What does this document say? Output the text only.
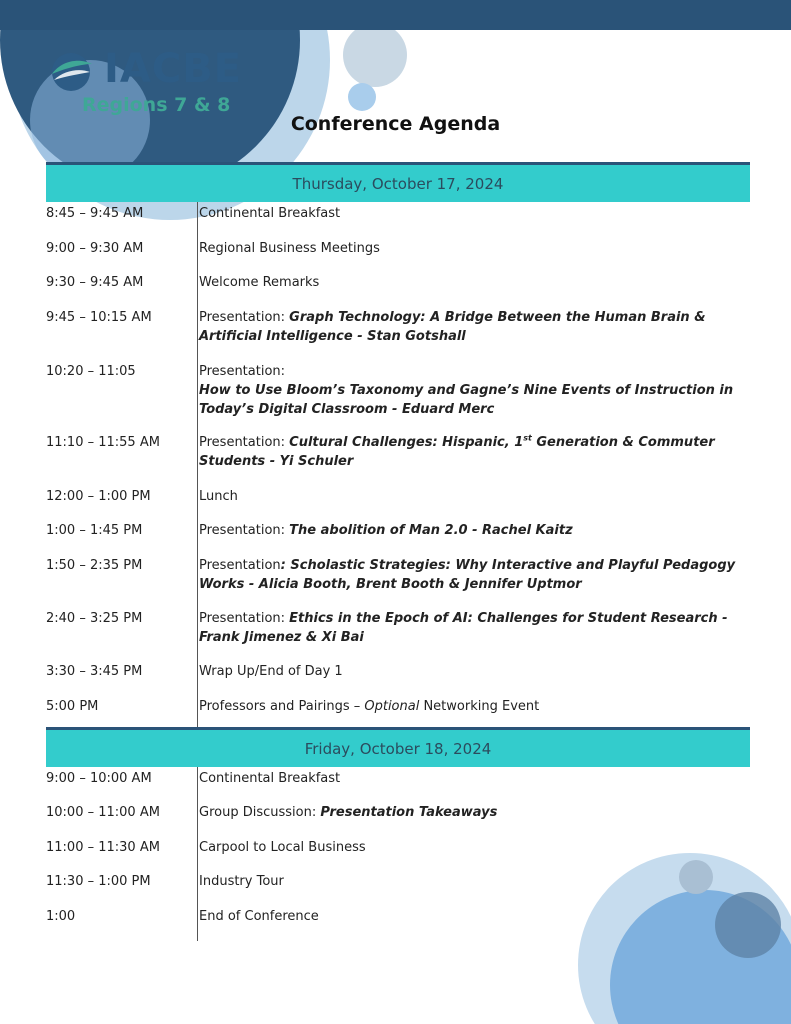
IACBE
Regions 7 & 8
Conference Agenda
Thursday, October 17, 2024
8:45 – 9:45 AM	Continental Breakfast
9:00 – 9:30 AM	Regional Business Meetings
9:30 – 9:45 AM	Welcome Remarks
9:45 – 10:15 AM	Presentation: Graph Technology: A Bridge Between the Human Brain & Artificial Intelligence - Stan Gotshall
10:20 – 11:05	Presentation:
How to Use Bloom’s Taxonomy and Gagne’s Nine Events of Instruction in Today’s Digital Classroom - Eduard Merc
11:10 – 11:55 AM	Presentation: Cultural Challenges: Hispanic, 1st Generation & Commuter Students - Yi Schuler
12:00 – 1:00 PM	Lunch
1:00 – 1:45 PM	Presentation: The abolition of Man 2.0 - Rachel Kaitz
1:50 – 2:35 PM	Presentation: Scholastic Strategies: Why Interactive and Playful Pedagogy Works - Alicia Booth, Brent Booth & Jennifer Uptmor
2:40 – 3:25 PM	Presentation: Ethics in the Epoch of AI: Challenges for Student Research - Frank Jimenez & Xi Bai
3:30 – 3:45 PM	Wrap Up/End of Day 1
5:00 PM	Professors and Pairings – Optional Networking Event
Friday, October 18, 2024
9:00 – 10:00 AM	Continental Breakfast
10:00 – 11:00 AM	Group Discussion: Presentation Takeaways
11:00 – 11:30 AM	Carpool to Local Business
11:30 – 1:00 PM	Industry Tour
1:00	End of Conference
